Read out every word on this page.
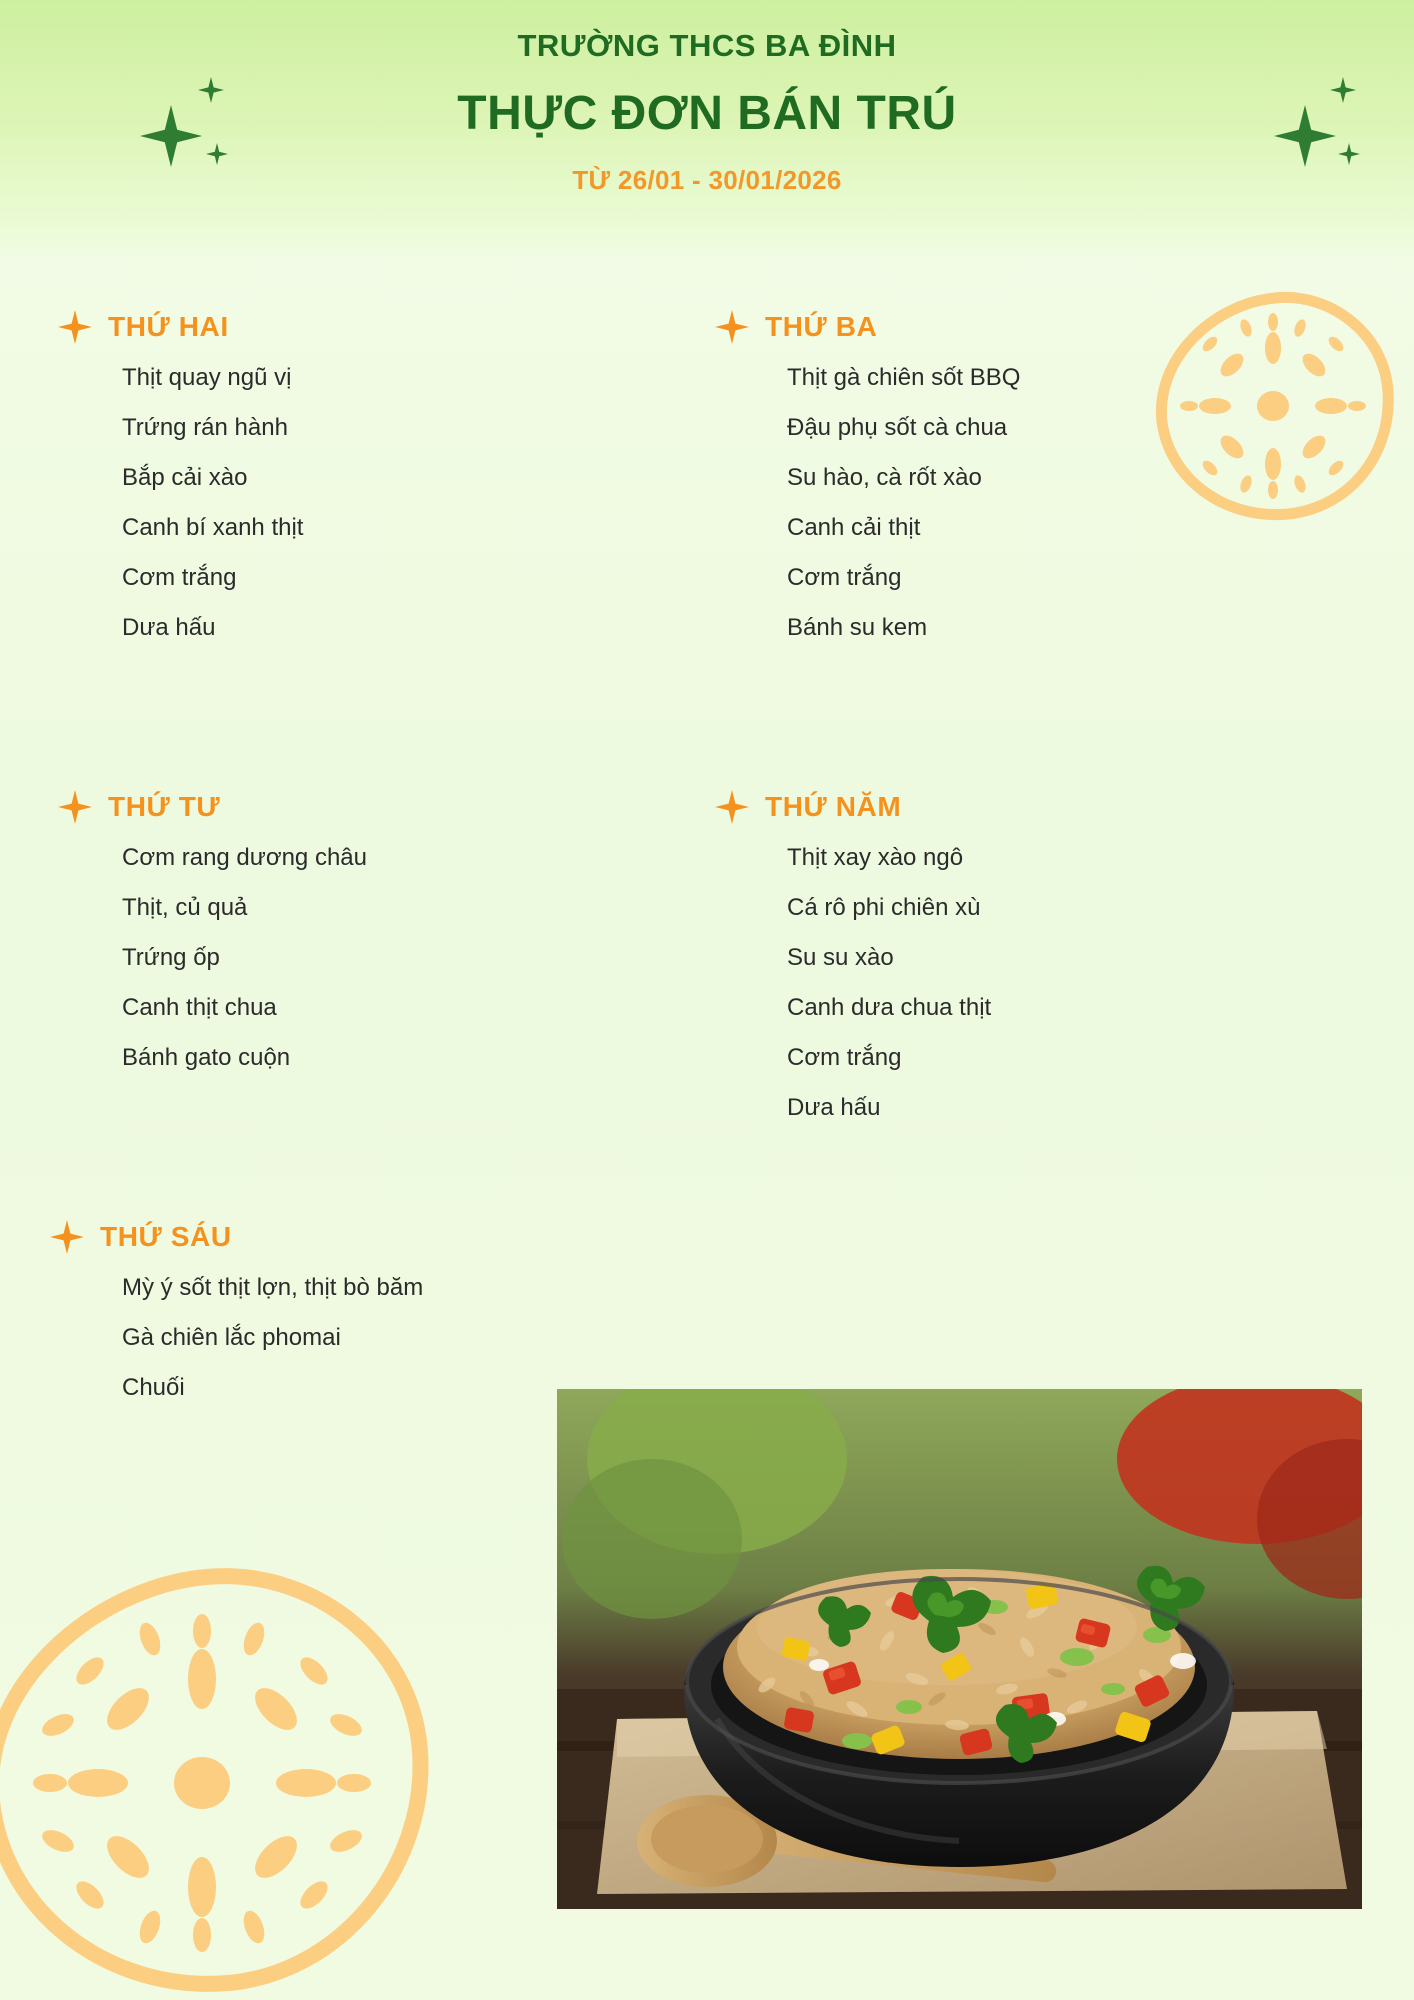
TRƯỜNG THCS BA ĐÌNH
THỰC ĐƠN BÁN TRÚ
TỪ 26/01 - 30/01/2026
THỨ HAI
Thịt quay ngũ vị
Trứng rán hành
Bắp cải xào
Canh bí xanh thịt
Cơm trắng
Dưa hấu
THỨ BA
Thịt gà chiên sốt BBQ
Đậu phụ sốt cà chua
Su hào, cà rốt xào
Canh cải thịt
Cơm trắng
Bánh su kem
THỨ TƯ
Cơm rang dương châu
Thịt, củ quả
Trứng ốp
Canh thịt chua
Bánh gato cuộn
THỨ NĂM
Thịt xay xào ngô
Cá rô phi chiên xù
Su su xào
Canh dưa chua thịt
Cơm trắng
Dưa hấu
THỨ SÁU
Mỳ ý sốt thịt lợn, thịt bò băm
Gà chiên lắc phomai
Chuối
